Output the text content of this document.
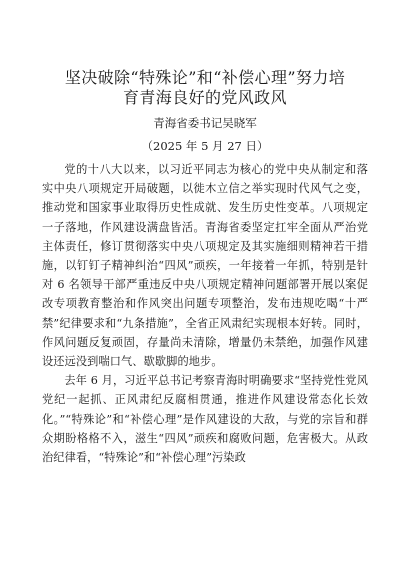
坚决破除“特殊论”和“补偿心理”努力培
育青海良好的党风政风
青海省委书记吴晓军
（2025 年 5 月 27 日）

党的十八大以来，以习近平同志为核心的党中央从制定和落实中央八项规定开局破题，以徙木立信之举实现时代风气之变，推动党和国家事业取得历史性成就、发生历史性变革。八项规定一子落地，作风建设满盘皆活。青海省委坚定扛牢全面从严治党主体责任，修订贯彻落实中央八项规定及其实施细则精神若干措施，以钉钉子精神纠治“四风”顽疾，一年接着一年抓，特别是针对 6 名领导干部严重违反中央八项规定精神问题部署开展以案促改专项教育整治和作风突出问题专项整治，发布违规吃喝“十严禁”纪律要求和“九条措施”，全省正风肃纪实现根本好转。同时，作风问题反复顽固，存量尚未清除，增量仍未禁绝，加强作风建设还远没到喘口气、歇歇脚的地步。

去年 6 月，习近平总书记考察青海时明确要求“坚持党性党风党纪一起抓、正风肃纪反腐相贯通，推进作风建设常态化长效化。”“特殊论”和“补偿心理”是作风建设的大敌，与党的宗旨和群众期盼格格不入，滋生“四风”顽疾和腐败问题，危害极大。从政治纪律看，“特殊论”和“补偿心理”污染政
